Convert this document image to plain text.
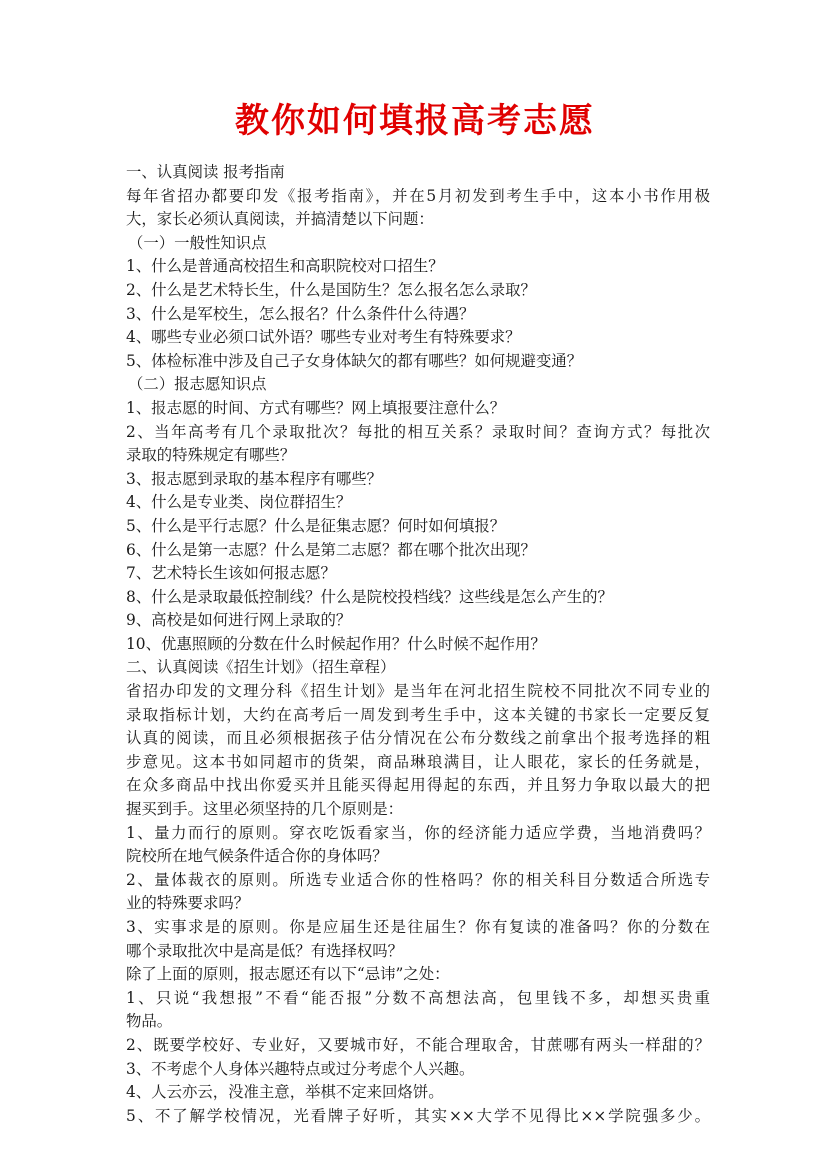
教你如何填报高考志愿
一、认真阅读 报考指南
每年省招办都要印发《报考指南》，并在5月初发到考生手中，这本小书作用极
大，家长必须认真阅读，并搞清楚以下问题：
（一）一般性知识点
1、什么是普通高校招生和高职院校对口招生？
2、什么是艺术特长生，什么是国防生？怎么报名怎么录取？
3、什么是军校生，怎么报名？什么条件什么待遇？
4、哪些专业必须口试外语？哪些专业对考生有特殊要求？
5、体检标准中涉及自己子女身体缺欠的都有哪些？如何规避变通？
（二）报志愿知识点
1、报志愿的时间、方式有哪些？网上填报要注意什么？
2、当年高考有几个录取批次？每批的相互关系？录取时间？查询方式？每批次
录取的特殊规定有哪些？
3、报志愿到录取的基本程序有哪些？
4、什么是专业类、岗位群招生？
5、什么是平行志愿？什么是征集志愿？何时如何填报？
6、什么是第一志愿？什么是第二志愿？都在哪个批次出现？
7、艺术特长生该如何报志愿？
8、什么是录取最低控制线？什么是院校投档线？这些线是怎么产生的？
9、高校是如何进行网上录取的？
10、优惠照顾的分数在什么时候起作用？什么时候不起作用？
二、认真阅读《招生计划》（招生章程）
省招办印发的文理分科《招生计划》是当年在河北招生院校不同批次不同专业的
录取指标计划，大约在高考后一周发到考生手中，这本关键的书家长一定要反复
认真的阅读，而且必须根据孩子估分情况在公布分数线之前拿出个报考选择的粗
步意见。这本书如同超市的货架，商品琳琅满目，让人眼花，家长的任务就是，
在众多商品中找出你爱买并且能买得起用得起的东西，并且努力争取以最大的把
握买到手。这里必须坚持的几个原则是：
1、量力而行的原则。穿衣吃饭看家当，你的经济能力适应学费，当地消费吗？
院校所在地气候条件适合你的身体吗？
2、量体裁衣的原则。所选专业适合你的性格吗？你的相关科目分数适合所选专
业的特殊要求吗？
3、实事求是的原则。你是应届生还是往届生？你有复读的准备吗？你的分数在
哪个录取批次中是高是低？有选择权吗？
除了上面的原则，报志愿还有以下“忌讳”之处：
1、只说“我想报”不看“能否报”分数不高想法高，包里钱不多，却想买贵重
物品。
2、既要学校好、专业好，又要城市好，不能合理取舍，甘蔗哪有两头一样甜的？
3、不考虑个人身体兴趣特点或过分考虑个人兴趣。
4、人云亦云，没准主意，举棋不定来回烙饼。
5、不了解学校情况，光看牌子好听，其实××大学不见得比××学院强多少。
